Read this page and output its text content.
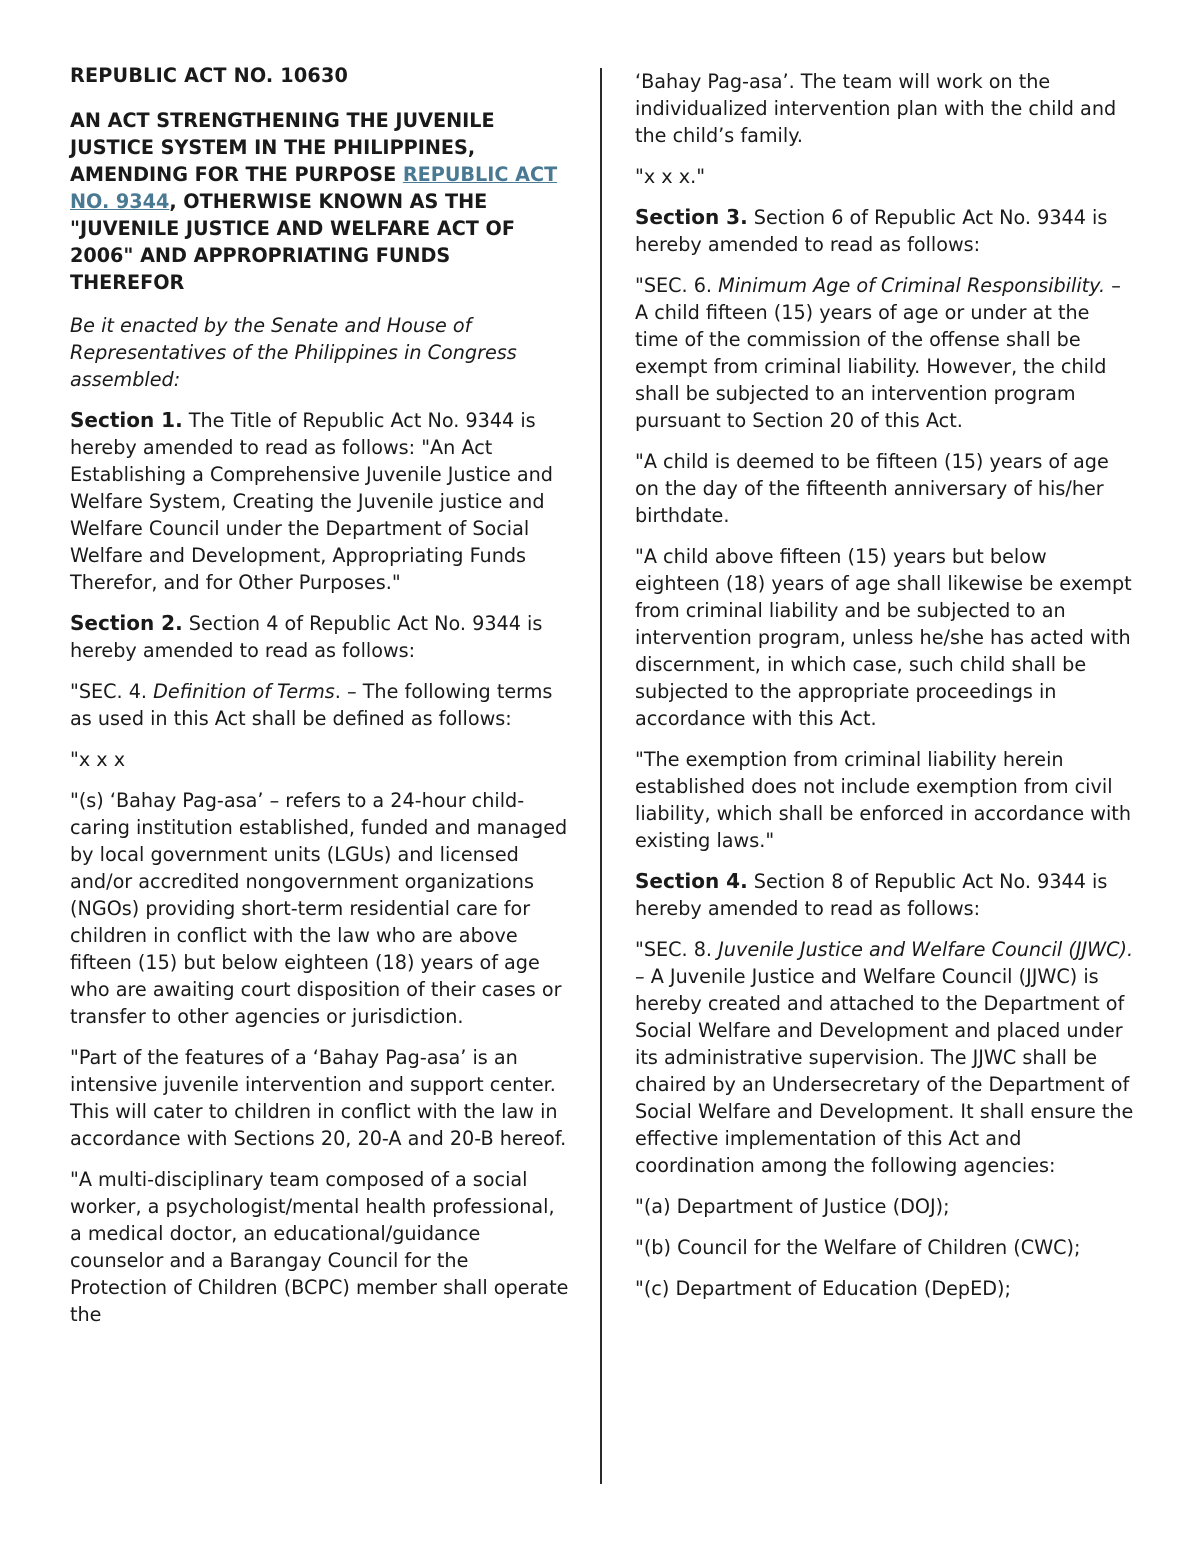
REPUBLIC ACT NO. 10630

AN ACT STRENGTHENING THE JUVENILE JUSTICE SYSTEM IN THE PHILIPPINES, AMENDING FOR THE PURPOSE REPUBLIC ACT NO. 9344, OTHERWISE KNOWN AS THE "JUVENILE JUSTICE AND WELFARE ACT OF 2006" AND APPROPRIATING FUNDS THEREFOR

Be it enacted by the Senate and House of Representatives of the Philippines in Congress assembled:

Section 1. The Title of Republic Act No. 9344 is hereby amended to read as follows: "An Act Establishing a Comprehensive Juvenile Justice and Welfare System, Creating the Juvenile justice and Welfare Council under the Department of Social Welfare and Development, Appropriating Funds Therefor, and for Other Purposes."

Section 2. Section 4 of Republic Act No. 9344 is hereby amended to read as follows:

"SEC. 4. Definition of Terms. – The following terms as used in this Act shall be defined as follows:

"x x x

"(s) ‘Bahay Pag-asa’ – refers to a 24-hour child-caring institution established, funded and managed by local government units (LGUs) and licensed and/or accredited nongovernment organizations (NGOs) providing short-term residential care for children in conflict with the law who are above fifteen (15) but below eighteen (18) years of age who are awaiting court disposition of their cases or transfer to other agencies or jurisdiction.

"Part of the features of a ‘Bahay Pag-asa’ is an intensive juvenile intervention and support center. This will cater to children in conflict with the law in accordance with Sections 20, 20-A and 20-B hereof.

"A multi-disciplinary team composed of a social worker, a psychologist/mental health professional, a medical doctor, an educational/guidance counselor and a Barangay Council for the Protection of Children (BCPC) member shall operate the

‘Bahay Pag-asa’. The team will work on the individualized intervention plan with the child and the child’s family.

"x x x."

Section 3. Section 6 of Republic Act No. 9344 is hereby amended to read as follows:

"SEC. 6. Minimum Age of Criminal Responsibility. – A child fifteen (15) years of age or under at the time of the commission of the offense shall be exempt from criminal liability. However, the child shall be subjected to an intervention program pursuant to Section 20 of this Act.

"A child is deemed to be fifteen (15) years of age on the day of the fifteenth anniversary of his/her birthdate.

"A child above fifteen (15) years but below eighteen (18) years of age shall likewise be exempt from criminal liability and be subjected to an intervention program, unless he/she has acted with discernment, in which case, such child shall be subjected to the appropriate proceedings in accordance with this Act.

"The exemption from criminal liability herein established does not include exemption from civil liability, which shall be enforced in accordance with existing laws."

Section 4. Section 8 of Republic Act No. 9344 is hereby amended to read as follows:

"SEC. 8. Juvenile Justice and Welfare Council (JJWC). – A Juvenile Justice and Welfare Council (JJWC) is hereby created and attached to the Department of Social Welfare and Development and placed under its administrative supervision. The JJWC shall be chaired by an Undersecretary of the Department of Social Welfare and Development. It shall ensure the effective implementation of this Act and coordination among the following agencies:

"(a) Department of Justice (DOJ);

"(b) Council for the Welfare of Children (CWC);

"(c) Department of Education (DepED);
